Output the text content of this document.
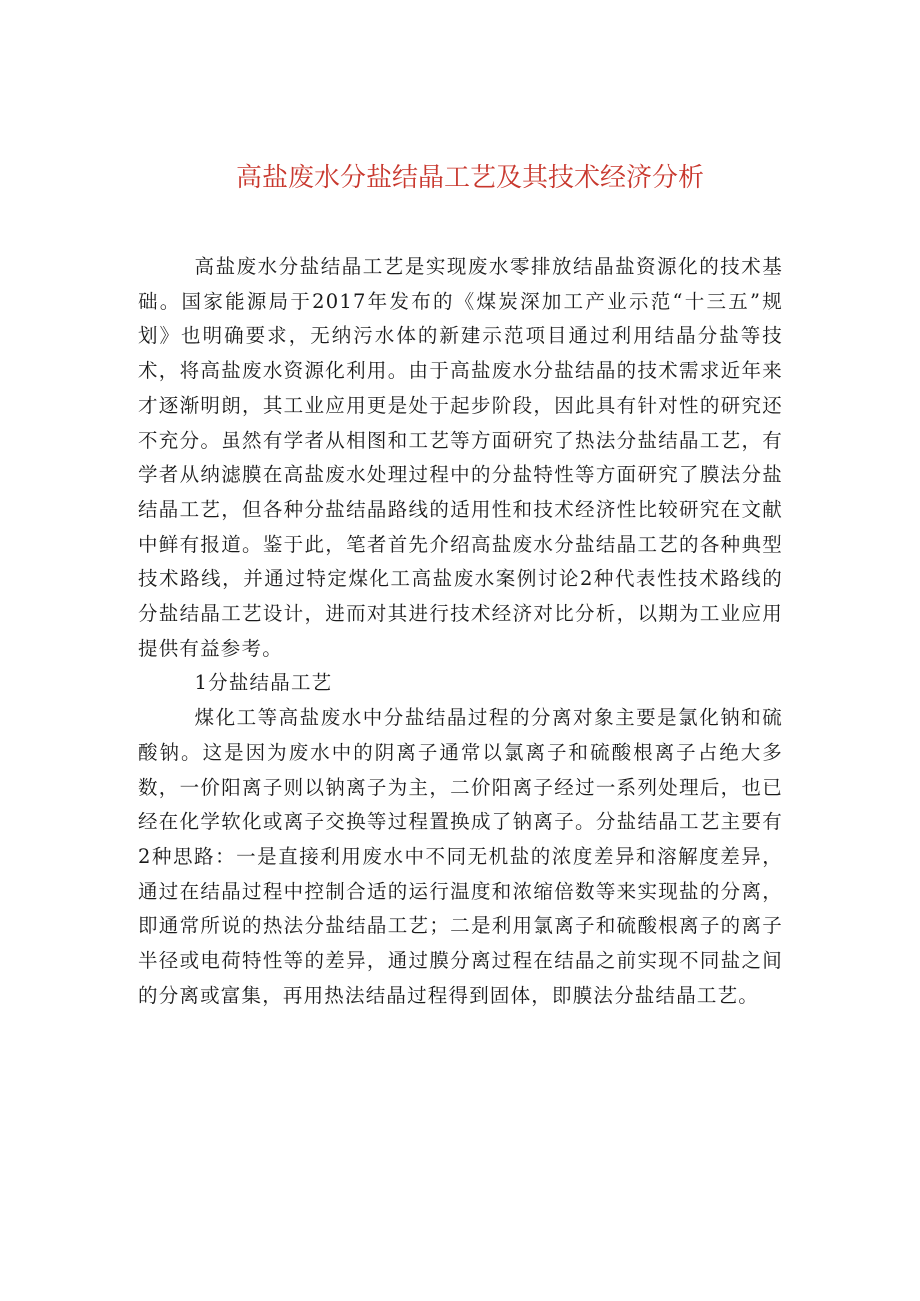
高盐废水分盐结晶工艺及其技术经济分析

高盐废水分盐结晶工艺是实现废水零排放结晶盐资源化的技术基础。国家能源局于2017年发布的《煤炭深加工产业示范“十三五”规划》也明确要求，无纳污水体的新建示范项目通过利用结晶分盐等技术，将高盐废水资源化利用。由于高盐废水分盐结晶的技术需求近年来才逐渐明朗，其工业应用更是处于起步阶段，因此具有针对性的研究还不充分。虽然有学者从相图和工艺等方面研究了热法分盐结晶工艺，有学者从纳滤膜在高盐废水处理过程中的分盐特性等方面研究了膜法分盐结晶工艺，但各种分盐结晶路线的适用性和技术经济性比较研究在文献中鲜有报道。鉴于此，笔者首先介绍高盐废水分盐结晶工艺的各种典型技术路线，并通过特定煤化工高盐废水案例讨论2种代表性技术路线的分盐结晶工艺设计，进而对其进行技术经济对比分析，以期为工业应用提供有益参考。

1分盐结晶工艺

煤化工等高盐废水中分盐结晶过程的分离对象主要是氯化钠和硫酸钠。这是因为废水中的阴离子通常以氯离子和硫酸根离子占绝大多数，一价阳离子则以钠离子为主，二价阳离子经过一系列处理后，也已经在化学软化或离子交换等过程置换成了钠离子。分盐结晶工艺主要有2种思路：一是直接利用废水中不同无机盐的浓度差异和溶解度差异，通过在结晶过程中控制合适的运行温度和浓缩倍数等来实现盐的分离，即通常所说的热法分盐结晶工艺；二是利用氯离子和硫酸根离子的离子半径或电荷特性等的差异，通过膜分离过程在结晶之前实现不同盐之间的分离或富集，再用热法结晶过程得到固体，即膜法分盐结晶工艺。
